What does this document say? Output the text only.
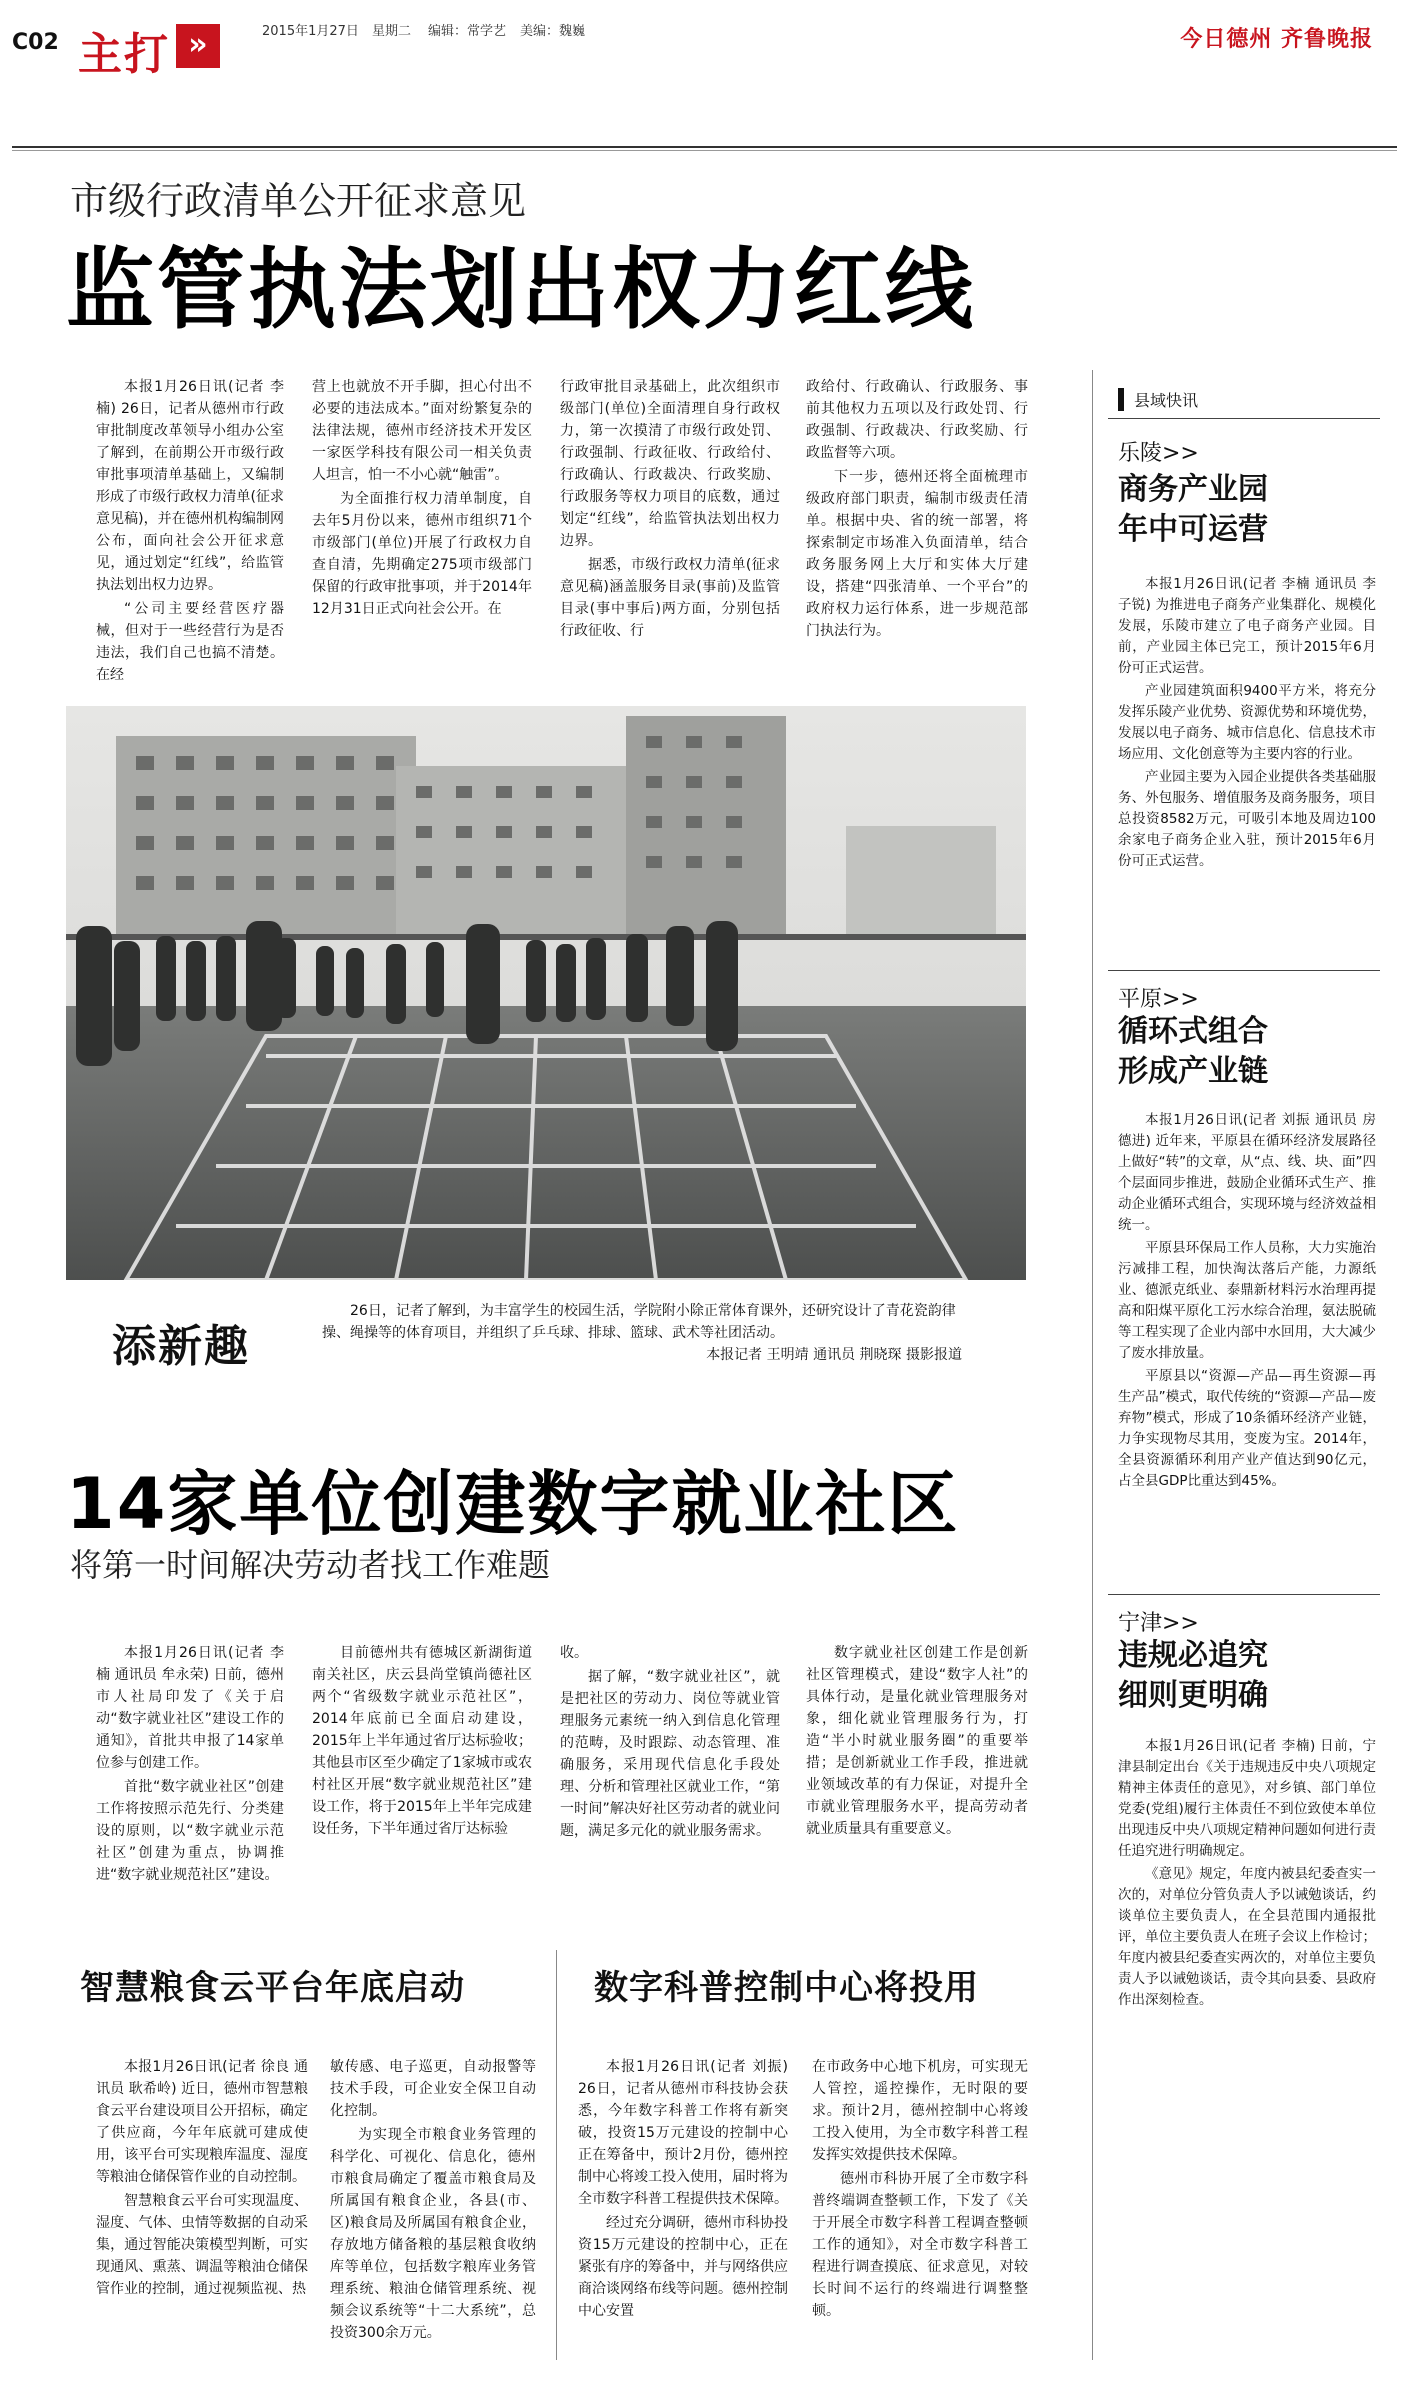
C02 主打 »	2015年1月27日 星期二 编辑：常学艺 美编：魏巍	今日德州 齐鲁晚报
市级行政清单公开征求意见
监管执法划出权力红线

本报1月26日讯(记者 李楠) 26日，记者从德州市行政审批制度改革领导小组办公室了解到，在前期公开市级行政审批事项清单基础上，又编制形成了市级行政权力清单(征求意见稿)，并在德州机构编制网公布，面向社会公开征求意见，通过划定“红线”，给监管执法划出权力边界。

“公司主要经营医疗器械，但对于一些经营行为是否违法，我们自己也搞不清楚。在经

营上也就放不开手脚，担心付出不必要的违法成本。”面对纷繁复杂的法律法规，德州市经济技术开发区一家医学科技有限公司一相关负责人坦言，怕一不小心就“触雷”。

为全面推行权力清单制度，自去年5月份以来，德州市组织71个市级部门(单位)开展了行政权力自查自清，先期确定275项市级部门保留的行政审批事项，并于2014年12月31日正式向社会公开。在

行政审批目录基础上，此次组织市级部门(单位)全面清理自身行政权力，第一次摸清了市级行政处罚、行政强制、行政征收、行政给付、行政确认、行政裁决、行政奖励、行政服务等权力项目的底数，通过划定“红线”，给监管执法划出权力边界。

据悉，市级行政权力清单(征求意见稿)涵盖服务目录(事前)及监管目录(事中事后)两方面，分别包括行政征收、行

政给付、行政确认、行政服务、事前其他权力五项以及行政处罚、行政强制、行政裁决、行政奖励、行政监督等六项。

下一步，德州还将全面梳理市级政府部门职责，编制市级责任清单。根据中央、省的统一部署，将探索制定市场准入负面清单，结合政务服务网上大厅和实体大厅建设，搭建“四张清单、一个平台”的政府权力运行体系，进一步规范部门执法行为。

添新趣
26日，记者了解到，为丰富学生的校园生活，学院附小除正常体育课外，还研究设计了青花瓷韵律操、绳操等的体育项目，并组织了乒乓球、排球、篮球、武术等社团活动。
本报记者 王明靖 通讯员 荆晓琛 摄影报道
14家单位创建数字就业社区
将第一时间解决劳动者找工作难题

本报1月26日讯(记者 李楠 通讯员 牟永荣) 日前，德州市人社局印发了《关于启动“数字就业社区”建设工作的通知》，首批共申报了14家单位参与创建工作。

首批“数字就业社区”创建工作将按照示范先行、分类建设的原则，以“数字就业示范社区”创建为重点，协调推进“数字就业规范社区”建设。

目前德州共有德城区新湖街道南关社区，庆云县尚堂镇尚德社区两个“省级数字就业示范社区”，2014年底前已全面启动建设，2015年上半年通过省厅达标验收；其他县市区至少确定了1家城市或农村社区开展“数字就业规范社区”建设工作，将于2015年上半年完成建设任务，下半年通过省厅达标验

收。

据了解，“数字就业社区”，就是把社区的劳动力、岗位等就业管理服务元素统一纳入到信息化管理的范畴，及时跟踪、动态管理、准确服务，采用现代信息化手段处理、分析和管理社区就业工作，“第一时间”解决好社区劳动者的就业问题，满足多元化的就业服务需求。

数字就业社区创建工作是创新社区管理模式，建设“数字人社”的具体行动，是量化就业管理服务对象，细化就业管理服务行为，打造“半小时就业服务圈”的重要举措；是创新就业工作手段，推进就业领域改革的有力保证，对提升全市就业管理服务水平，提高劳动者就业质量具有重要意义。

智慧粮食云平台年底启动

本报1月26日讯(记者 徐良 通讯员 耿希岭) 近日，德州市智慧粮食云平台建设项目公开招标，确定了供应商，今年年底就可建成使用，该平台可实现粮库温度、湿度等粮油仓储保管作业的自动控制。

智慧粮食云平台可实现温度、湿度、气体、虫情等数据的自动采集，通过智能决策模型判断，可实现通风、熏蒸、调温等粮油仓储保管作业的控制，通过视频监视、热

敏传感、电子巡更，自动报警等技术手段，可企业安全保卫自动化控制。

为实现全市粮食业务管理的科学化、可视化、信息化，德州市粮食局确定了覆盖市粮食局及所属国有粮食企业，各县(市、区)粮食局及所属国有粮食企业，存放地方储备粮的基层粮食收纳库等单位，包括数字粮库业务管理系统、粮油仓储管理系统、视频会议系统等“十二大系统”，总投资300余万元。

数字科普控制中心将投用

本报1月26日讯(记者 刘振) 26日，记者从德州市科技协会获悉，今年数字科普工作将有新突破，投资15万元建设的控制中心正在筹备中，预计2月份，德州控制中心将竣工投入使用，届时将为全市数字科普工程提供技术保障。

经过充分调研，德州市科协投资15万元建设的控制中心，正在紧张有序的筹备中，并与网络供应商洽谈网络布线等问题。德州控制中心安置

在市政务中心地下机房，可实现无人管控，遥控操作，无时限的要求。预计2月，德州控制中心将竣工投入使用，为全市数字科普工程发挥实效提供技术保障。

德州市科协开展了全市数字科普终端调查整顿工作，下发了《关于开展全市数字科普工程调查整顿工作的通知》，对全市数字科普工程进行调查摸底、征求意见，对较长时间不运行的终端进行调整整顿。

县域快讯
乐陵>>
商务产业园
年中可运营

本报1月26日讯(记者 李楠 通讯员 李子锐) 为推进电子商务产业集群化、规模化发展，乐陵市建立了电子商务产业园。目前，产业园主体已完工，预计2015年6月份可正式运营。

产业园建筑面积9400平方米，将充分发挥乐陵产业优势、资源优势和环境优势，发展以电子商务、城市信息化、信息技术市场应用、文化创意等为主要内容的行业。

产业园主要为入园企业提供各类基础服务、外包服务、增值服务及商务服务，项目总投资8582万元，可吸引本地及周边100余家电子商务企业入驻，预计2015年6月份可正式运营。

平原>>
循环式组合
形成产业链

本报1月26日讯(记者 刘振 通讯员 房德进) 近年来，平原县在循环经济发展路径上做好“转”的文章，从“点、线、块、面”四个层面同步推进，鼓励企业循环式生产、推动企业循环式组合，实现环境与经济效益相统一。

平原县环保局工作人员称，大力实施治污减排工程，加快淘汰落后产能，力源纸业、德派克纸业、泰鼎新材料污水治理再提高和阳煤平原化工污水综合治理，氨法脱硫等工程实现了企业内部中水回用，大大减少了废水排放量。

平原县以“资源—产品—再生资源—再生产品”模式，取代传统的“资源—产品—废弃物”模式，形成了10条循环经济产业链，力争实现物尽其用，变废为宝。2014年，全县资源循环利用产业产值达到90亿元，占全县GDP比重达到45%。

宁津>>
违规必追究
细则更明确

本报1月26日讯(记者 李楠) 日前，宁津县制定出台《关于违规违反中央八项规定精神主体责任的意见》，对乡镇、部门单位党委(党组)履行主体责任不到位致使本单位出现违反中央八项规定精神问题如何进行责任追究进行明确规定。

《意见》规定，年度内被县纪委查实一次的，对单位分管负责人予以诫勉谈话，约谈单位主要负责人，在全县范围内通报批评，单位主要负责人在班子会议上作检讨；年度内被县纪委查实两次的，对单位主要负责人予以诫勉谈话，责令其向县委、县政府作出深刻检查。
